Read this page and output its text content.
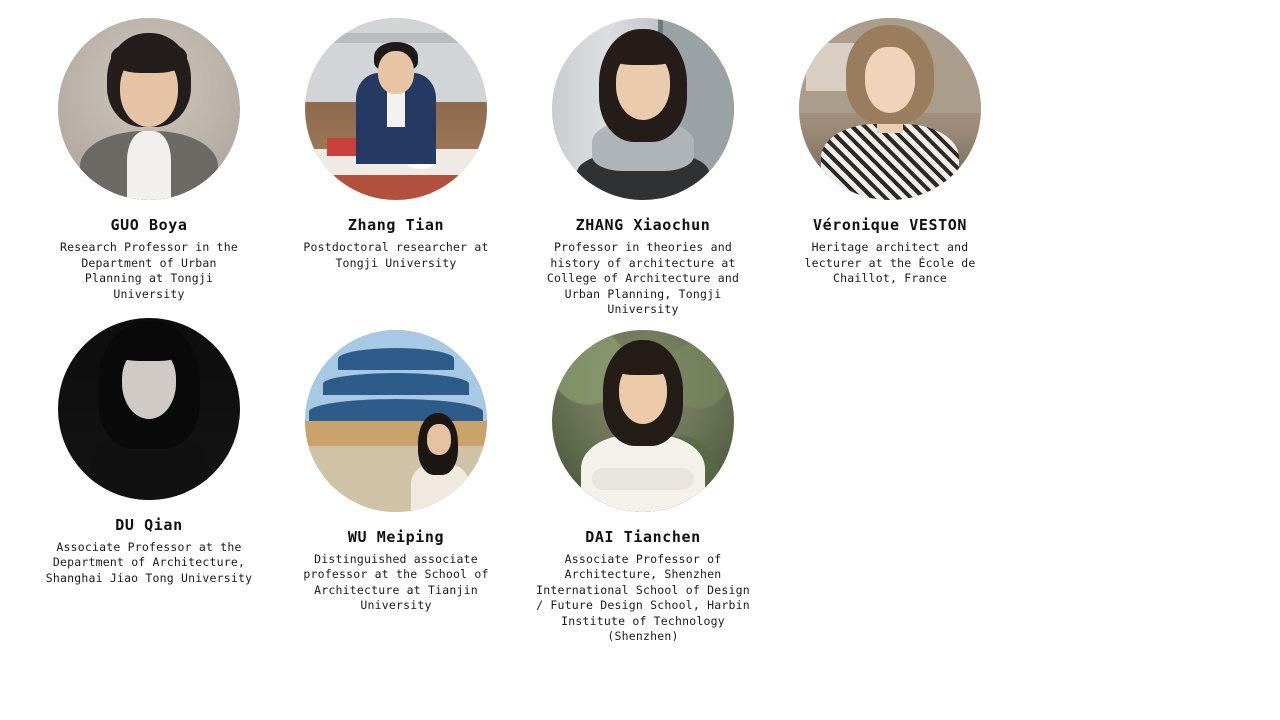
GUO Boya
Research Professor in the Department of Urban Planning at Tongji University
Zhang Tian
Postdoctoral researcher at Tongji University
ZHANG Xiaochun
Professor in theories and history of architecture at College of Architecture and Urban Planning, Tongji University
Véronique VESTON
Heritage architect and lecturer at the École de Chaillot, France
DU Qian
Associate Professor at the Department of Architecture, Shanghai Jiao Tong University
WU Meiping
Distinguished associate professor at the School of Architecture at Tianjin University
DAI Tianchen
Associate Professor of Architecture, Shenzhen International School of Design / Future Design School, Harbin Institute of Technology (Shenzhen)
